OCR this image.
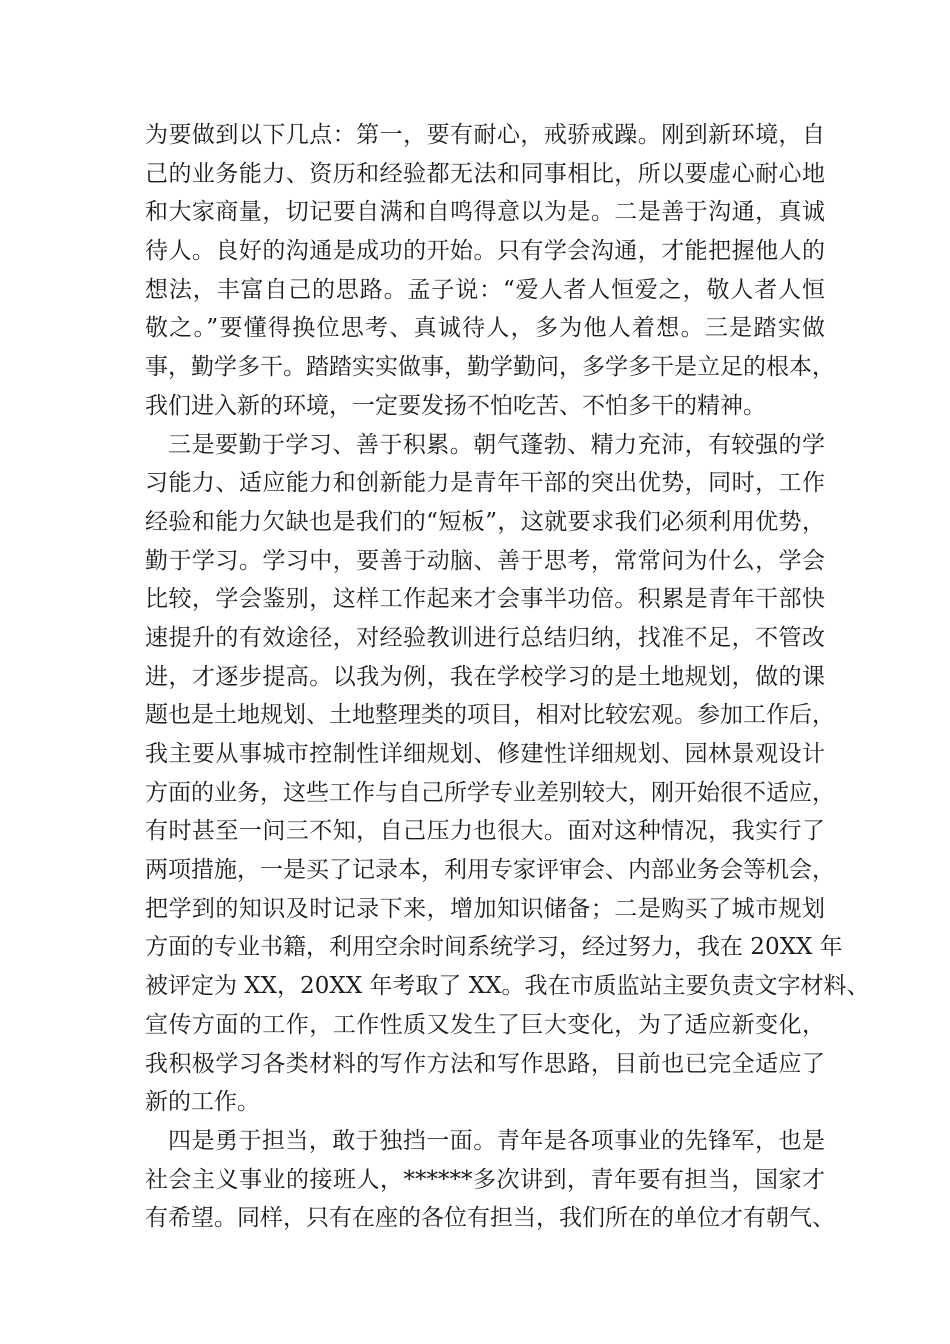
为要做到以下几点：第一，要有耐心，戒骄戒躁。刚到新环境，自
己的业务能力、资历和经验都无法和同事相比，所以要虚心耐心地
和大家商量，切记要自满和自鸣得意以为是。二是善于沟通，真诚
待人。良好的沟通是成功的开始。只有学会沟通，才能把握他人的
想法，丰富自己的思路。孟子说：“爱人者人恒爱之，敬人者人恒
敬之。”要懂得换位思考、真诚待人，多为他人着想。三是踏实做
事，勤学多干。踏踏实实做事，勤学勤问，多学多干是立足的根本，
我们进入新的环境，一定要发扬不怕吃苦、不怕多干的精神。
三是要勤于学习、善于积累。朝气蓬勃、精力充沛，有较强的学
习能力、适应能力和创新能力是青年干部的突出优势，同时，工作
经验和能力欠缺也是我们的“短板”，这就要求我们必须利用优势，
勤于学习。学习中，要善于动脑、善于思考，常常问为什么，学会
比较，学会鉴别，这样工作起来才会事半功倍。积累是青年干部快
速提升的有效途径，对经验教训进行总结归纳，找准不足，不管改
进，才逐步提高。以我为例，我在学校学习的是土地规划，做的课
题也是土地规划、土地整理类的项目，相对比较宏观。参加工作后，
我主要从事城市控制性详细规划、修建性详细规划、园林景观设计
方面的业务，这些工作与自己所学专业差别较大，刚开始很不适应，
有时甚至一问三不知，自己压力也很大。面对这种情况，我实行了
两项措施，一是买了记录本，利用专家评审会、内部业务会等机会，
把学到的知识及时记录下来，增加知识储备；二是购买了城市规划
方面的专业书籍，利用空余时间系统学习，经过努力，我在 20XX 年
被评定为 XX，20XX 年考取了 XX。我在市质监站主要负责文字材料、
宣传方面的工作，工作性质又发生了巨大变化，为了适应新变化，
我积极学习各类材料的写作方法和写作思路，目前也已完全适应了
新的工作。
四是勇于担当，敢于独挡一面。青年是各项事业的先锋军，也是
社会主义事业的接班人，******多次讲到，青年要有担当，国家才
有希望。同样，只有在座的各位有担当，我们所在的单位才有朝气、
